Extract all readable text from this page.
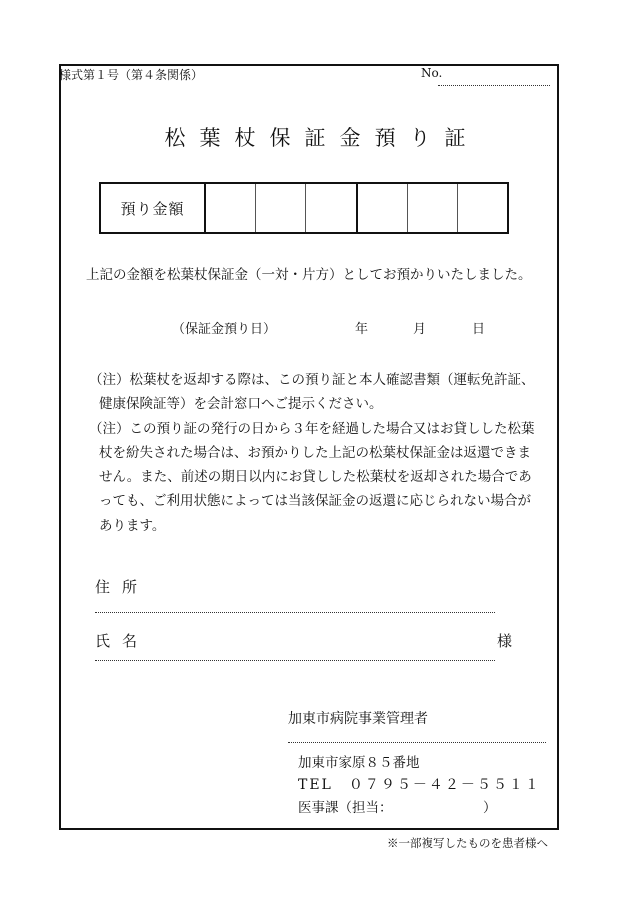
様式第１号（第４条関係）	No.
松葉杖保証金預り証
預り金額
上記の金額を松葉杖保証金（一対・片方）としてお預かりいたしました。
（保証金預り日）	年	月	日

（注）松葉杖を返却する際は、この預り証と本人確認書類（運転免許証、
健康保険証等）を会計窓口へご提示ください。

（注）この預り証の発行の日から３年を経過した場合又はお貸しした松葉
杖を紛失された場合は、お預かりした上記の松葉杖保証金は返還できま
せん。また、前述の期日以内にお貸しした松葉杖を返却された場合であ
っても、ご利用状態によっては当該保証金の返還に応じられない場合が
あります。

住所
氏名	様
加東市病院事業管理者
加東市家原８５番地
TEL　０７９５－４２－５５１１
医事課（担当：	）
※一部複写したものを患者様へ
